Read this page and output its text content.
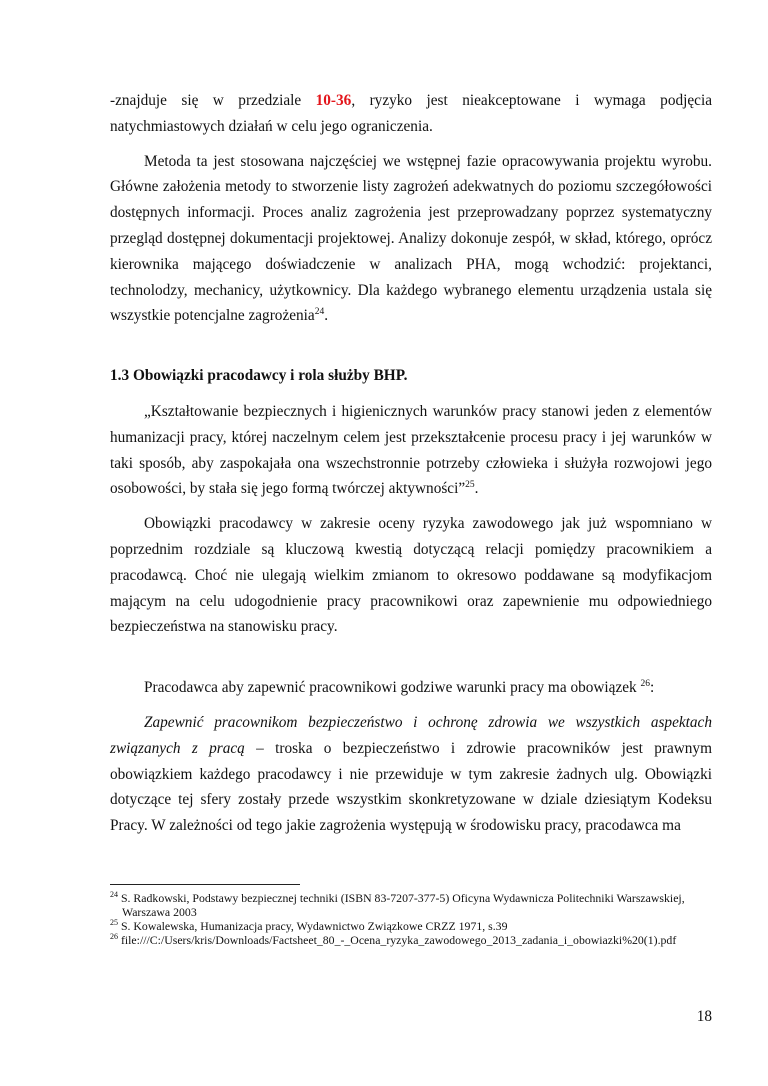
-znajduje się w przedziale 10-36, ryzyko jest nieakceptowane i wymaga podjęcia natychmiastowych działań w celu jego ograniczenia.

Metoda ta jest stosowana najczęściej we wstępnej fazie opracowywania projektu wyrobu. Główne założenia metody to stworzenie listy zagrożeń adekwatnych do poziomu szczegółowości dostępnych informacji. Proces analiz zagrożenia jest przeprowadzany poprzez systematyczny przegląd dostępnej dokumentacji projektowej. Analizy dokonuje zespół, w skład, którego, oprócz kierownika mającego doświadczenie w analizach PHA, mogą wchodzić: projektanci, technolodzy, mechanicy, użytkownicy. Dla każdego wybranego elementu urządzenia ustala się wszystkie potencjalne zagrożenia$^{24}$.

1.3 Obowiązki pracodawcy i rola służby BHP.

„Kształtowanie bezpiecznych i higienicznych warunków pracy stanowi jeden z elementów humanizacji pracy, której naczelnym celem jest przekształcenie procesu pracy i jej warunków w taki sposób, aby zaspokajała ona wszechstronnie potrzeby człowieka i służyła rozwojowi jego osobowości, by stała się jego formą twórczej aktywności”$^{25}$.

Obowiązki pracodawcy w zakresie oceny ryzyka zawodowego jak już wspomniano w poprzednim rozdziale są kluczową kwestią dotyczącą relacji pomiędzy pracownikiem a pracodawcą. Choć nie ulegają wielkim zmianom to okresowo poddawane są modyfikacjom mającym na celu udogodnienie pracy pracownikowi oraz zapewnienie mu odpowiedniego bezpieczeństwa na stanowisku pracy.

Pracodawca aby zapewnić pracownikowi godziwe warunki pracy ma obowiązek $^{26}$:

Zapewnić pracownikom bezpieczeństwo i ochronę zdrowia we wszystkich aspektach związanych z pracą – troska o bezpieczeństwo i zdrowie pracowników jest prawnym obowiązkiem każdego pracodawcy i nie przewiduje w tym zakresie żadnych ulg. Obowiązki dotyczące tej sfery zostały przede wszystkim skonkretyzowane w dziale dziesiątym Kodeksu Pracy. W zależności od tego jakie zagrożenia występują w środowisku pracy, pracodawca ma

$^{24}$ S. Radkowski, Podstawy bezpiecznej techniki (ISBN 83-7207-377-5) Oficyna Wydawnicza Politechniki Warszawskiej, Warszawa 2003

$^{25}$ S. Kowalewska, Humanizacja pracy, Wydawnictwo Związkowe CRZZ 1971, s.39

$^{26}$ file:///C:/Users/kris/Downloads/Factsheet_80_-_Ocena_ryzyka_zawodowego_2013_zadania_i_obowiazki%20(1).pdf

18
